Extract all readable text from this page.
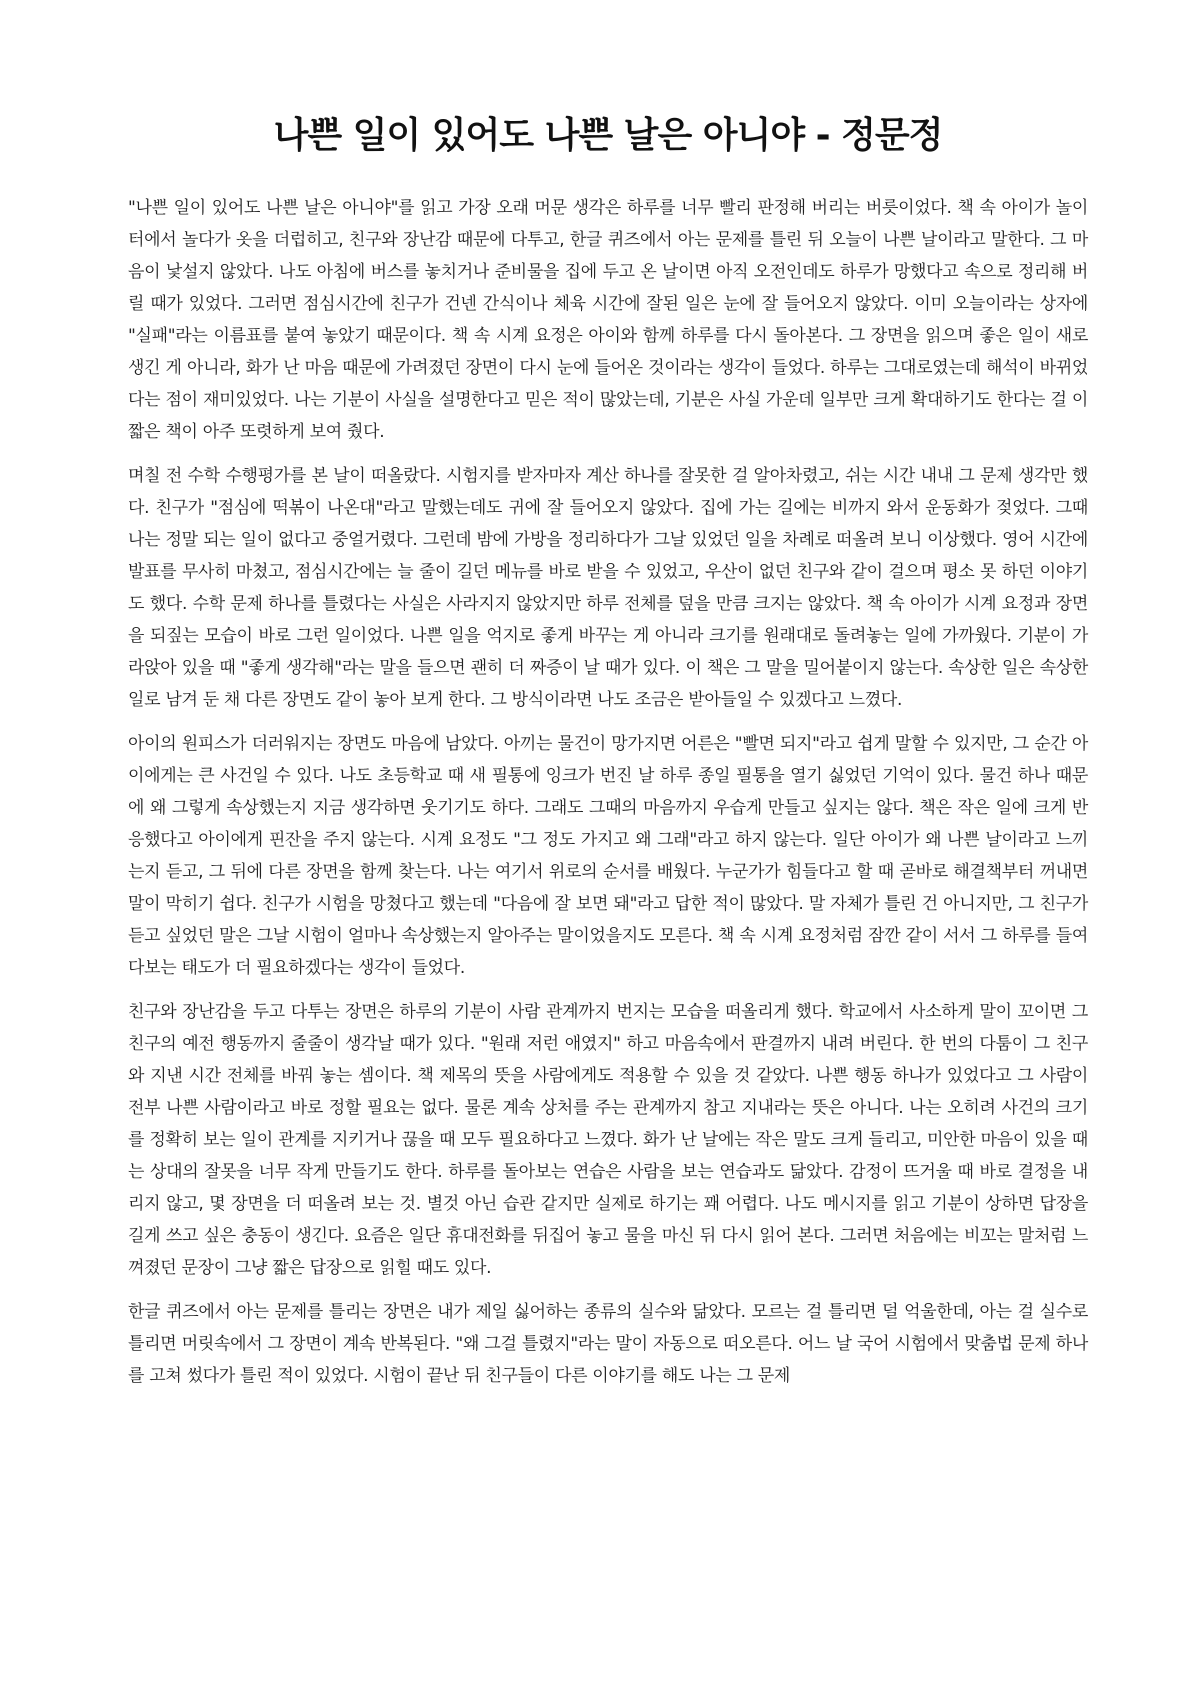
나쁜 일이 있어도 나쁜 날은 아니야 - 정문정

"나쁜 일이 있어도 나쁜 날은 아니야"를 읽고 가장 오래 머문 생각은 하루를 너무 빨리 판정해 버리는 버릇이었다. 책 속 아이가 놀이터에서 놀다가 옷을 더럽히고, 친구와 장난감 때문에 다투고, 한글 퀴즈에서 아는 문제를 틀린 뒤 오늘이 나쁜 날이라고 말한다. 그 마음이 낯설지 않았다. 나도 아침에 버스를 놓치거나 준비물을 집에 두고 온 날이면 아직 오전인데도 하루가 망했다고 속으로 정리해 버릴 때가 있었다. 그러면 점심시간에 친구가 건넨 간식이나 체육 시간에 잘된 일은 눈에 잘 들어오지 않았다. 이미 오늘이라는 상자에 "실패"라는 이름표를 붙여 놓았기 때문이다. 책 속 시계 요정은 아이와 함께 하루를 다시 돌아본다. 그 장면을 읽으며 좋은 일이 새로 생긴 게 아니라, 화가 난 마음 때문에 가려졌던 장면이 다시 눈에 들어온 것이라는 생각이 들었다. 하루는 그대로였는데 해석이 바뀌었다는 점이 재미있었다. 나는 기분이 사실을 설명한다고 믿은 적이 많았는데, 기분은 사실 가운데 일부만 크게 확대하기도 한다는 걸 이 짧은 책이 아주 또렷하게 보여 줬다.

며칠 전 수학 수행평가를 본 날이 떠올랐다. 시험지를 받자마자 계산 하나를 잘못한 걸 알아차렸고, 쉬는 시간 내내 그 문제 생각만 했다. 친구가 "점심에 떡볶이 나온대"라고 말했는데도 귀에 잘 들어오지 않았다. 집에 가는 길에는 비까지 와서 운동화가 젖었다. 그때 나는 정말 되는 일이 없다고 중얼거렸다. 그런데 밤에 가방을 정리하다가 그날 있었던 일을 차례로 떠올려 보니 이상했다. 영어 시간에 발표를 무사히 마쳤고, 점심시간에는 늘 줄이 길던 메뉴를 바로 받을 수 있었고, 우산이 없던 친구와 같이 걸으며 평소 못 하던 이야기도 했다. 수학 문제 하나를 틀렸다는 사실은 사라지지 않았지만 하루 전체를 덮을 만큼 크지는 않았다. 책 속 아이가 시계 요정과 장면을 되짚는 모습이 바로 그런 일이었다. 나쁜 일을 억지로 좋게 바꾸는 게 아니라 크기를 원래대로 돌려놓는 일에 가까웠다. 기분이 가라앉아 있을 때 "좋게 생각해"라는 말을 들으면 괜히 더 짜증이 날 때가 있다. 이 책은 그 말을 밀어붙이지 않는다. 속상한 일은 속상한 일로 남겨 둔 채 다른 장면도 같이 놓아 보게 한다. 그 방식이라면 나도 조금은 받아들일 수 있겠다고 느꼈다.

아이의 원피스가 더러워지는 장면도 마음에 남았다. 아끼는 물건이 망가지면 어른은 "빨면 되지"라고 쉽게 말할 수 있지만, 그 순간 아이에게는 큰 사건일 수 있다. 나도 초등학교 때 새 필통에 잉크가 번진 날 하루 종일 필통을 열기 싫었던 기억이 있다. 물건 하나 때문에 왜 그렇게 속상했는지 지금 생각하면 웃기기도 하다. 그래도 그때의 마음까지 우습게 만들고 싶지는 않다. 책은 작은 일에 크게 반응했다고 아이에게 핀잔을 주지 않는다. 시계 요정도 "그 정도 가지고 왜 그래"라고 하지 않는다. 일단 아이가 왜 나쁜 날이라고 느끼는지 듣고, 그 뒤에 다른 장면을 함께 찾는다. 나는 여기서 위로의 순서를 배웠다. 누군가가 힘들다고 할 때 곧바로 해결책부터 꺼내면 말이 막히기 쉽다. 친구가 시험을 망쳤다고 했는데 "다음에 잘 보면 돼"라고 답한 적이 많았다. 말 자체가 틀린 건 아니지만, 그 친구가 듣고 싶었던 말은 그날 시험이 얼마나 속상했는지 알아주는 말이었을지도 모른다. 책 속 시계 요정처럼 잠깐 같이 서서 그 하루를 들여다보는 태도가 더 필요하겠다는 생각이 들었다.

친구와 장난감을 두고 다투는 장면은 하루의 기분이 사람 관계까지 번지는 모습을 떠올리게 했다. 학교에서 사소하게 말이 꼬이면 그 친구의 예전 행동까지 줄줄이 생각날 때가 있다. "원래 저런 애였지" 하고 마음속에서 판결까지 내려 버린다. 한 번의 다툼이 그 친구와 지낸 시간 전체를 바꿔 놓는 셈이다. 책 제목의 뜻을 사람에게도 적용할 수 있을 것 같았다. 나쁜 행동 하나가 있었다고 그 사람이 전부 나쁜 사람이라고 바로 정할 필요는 없다. 물론 계속 상처를 주는 관계까지 참고 지내라는 뜻은 아니다. 나는 오히려 사건의 크기를 정확히 보는 일이 관계를 지키거나 끊을 때 모두 필요하다고 느꼈다. 화가 난 날에는 작은 말도 크게 들리고, 미안한 마음이 있을 때는 상대의 잘못을 너무 작게 만들기도 한다. 하루를 돌아보는 연습은 사람을 보는 연습과도 닮았다. 감정이 뜨거울 때 바로 결정을 내리지 않고, 몇 장면을 더 떠올려 보는 것. 별것 아닌 습관 같지만 실제로 하기는 꽤 어렵다. 나도 메시지를 읽고 기분이 상하면 답장을 길게 쓰고 싶은 충동이 생긴다. 요즘은 일단 휴대전화를 뒤집어 놓고 물을 마신 뒤 다시 읽어 본다. 그러면 처음에는 비꼬는 말처럼 느껴졌던 문장이 그냥 짧은 답장으로 읽힐 때도 있다.

한글 퀴즈에서 아는 문제를 틀리는 장면은 내가 제일 싫어하는 종류의 실수와 닮았다. 모르는 걸 틀리면 덜 억울한데, 아는 걸 실수로 틀리면 머릿속에서 그 장면이 계속 반복된다. "왜 그걸 틀렸지"라는 말이 자동으로 떠오른다. 어느 날 국어 시험에서 맞춤법 문제 하나를 고쳐 썼다가 틀린 적이 있었다. 시험이 끝난 뒤 친구들이 다른 이야기를 해도 나는 그 문제
